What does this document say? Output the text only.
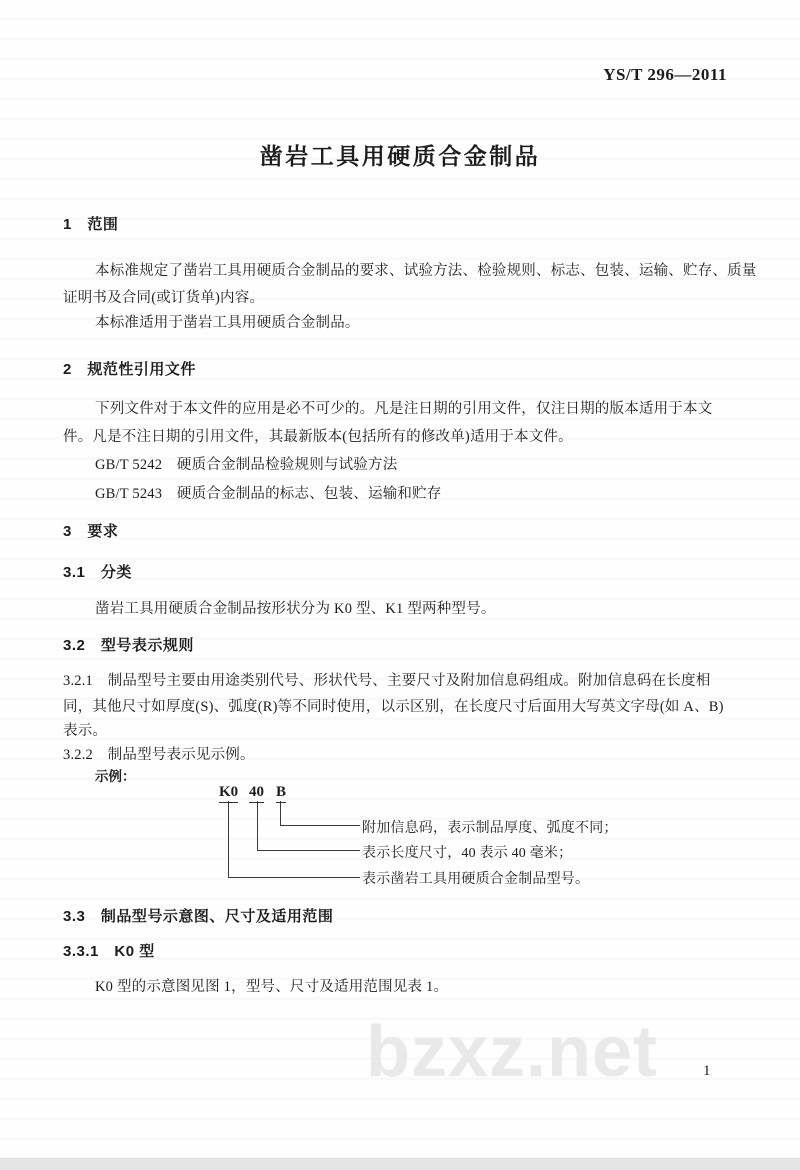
YS/T 296—2011
凿岩工具用硬质合金制品
1　范围
本标准规定了凿岩工具用硬质合金制品的要求、试验方法、检验规则、标志、包装、运输、贮存、质量
证明书及合同(或订货单)内容。
本标准适用于凿岩工具用硬质合金制品。
2　规范性引用文件
下列文件对于本文件的应用是必不可少的。凡是注日期的引用文件，仅注日期的版本适用于本文
件。凡是不注日期的引用文件，其最新版本(包括所有的修改单)适用于本文件。
GB/T 5242　硬质合金制品检验规则与试验方法
GB/T 5243　硬质合金制品的标志、包装、运输和贮存
3　要求
3.1　分类
凿岩工具用硬质合金制品按形状分为 K0 型、K1 型两种型号。
3.2　型号表示规则
3.2.1　制品型号主要由用途类别代号、形状代号、主要尺寸及附加信息码组成。附加信息码在长度相
同，其他尺寸如厚度(S)、弧度(R)等不同时使用，以示区别，在长度尺寸后面用大写英文字母(如 A、B)
表示。
3.2.2　制品型号表示见示例。
示例：
K0 40 B
附加信息码，表示制品厚度、弧度不同；
表示长度尺寸，40 表示 40 毫米；
表示凿岩工具用硬质合金制品型号。
3.3　制品型号示意图、尺寸及适用范围
3.3.1　K0 型
K0 型的示意图见图 1，型号、尺寸及适用范围见表 1。
bzxz.net	1
